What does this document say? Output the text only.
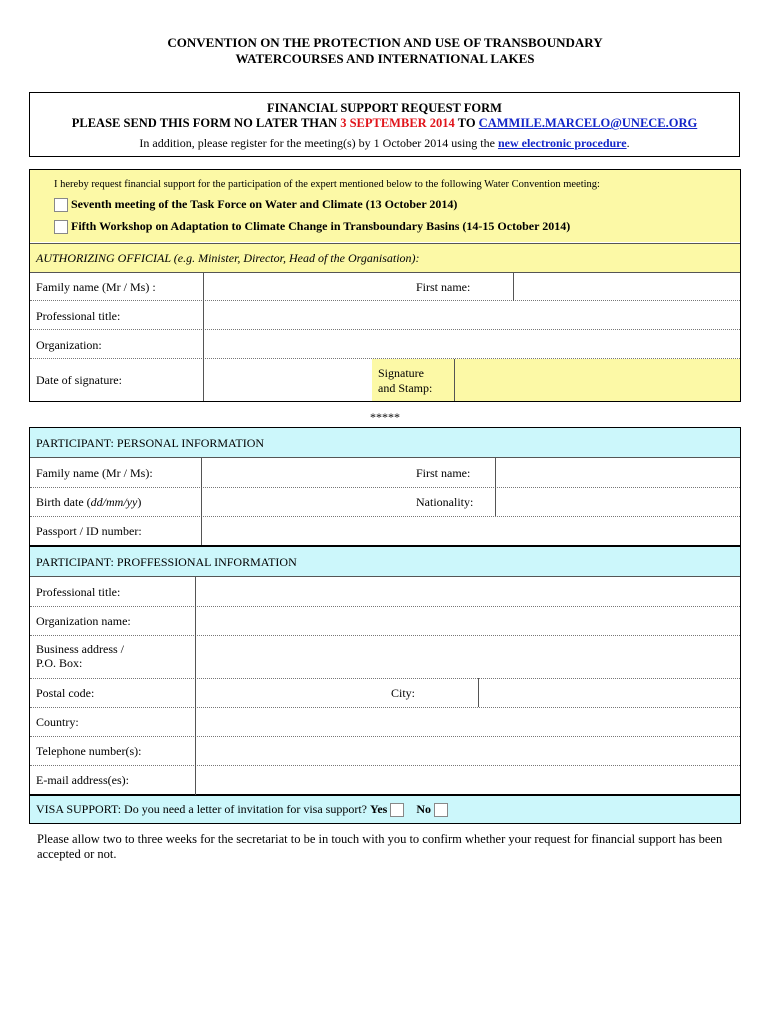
CONVENTION ON THE PROTECTION AND USE OF TRANSBOUNDARY
WATERCOURSES AND INTERNATIONAL LAKES
FINANCIAL SUPPORT REQUEST FORM
PLEASE SEND THIS FORM NO LATER THAN 3 SEPTEMBER 2014 TO CAMMILE.MARCELO@UNECE.ORG
In addition, please register for the meeting(s) by 1 October 2014 using the new electronic procedure.
I hereby request financial support for the participation of the expert mentioned below to the following Water Convention meeting:
Seventh meeting of the Task Force on Water and Climate (13 October 2014)
Fifth Workshop on Adaptation to Climate Change in Transboundary Basins (14-15 October 2014)
AUTHORIZING OFFICIAL (e.g. Minister, Director, Head of the Organisation):
Family name (Mr / Ms) :	First name:
Professional title:
Organization:
Date of signature:	Signature
and Stamp:
*****
PARTICIPANT: PERSONAL INFORMATION
Family name (Mr / Ms):	First name:
Birth date (dd/mm/yy)	Nationality:
Passport / ID number:
PARTICIPANT: PROFFESSIONAL INFORMATION
Professional title:
Organization name:
Business address /
P.O. Box:
Postal code:	City:
Country:
Telephone number(s):
E-mail address(es):
VISA SUPPORT: Do you need a letter of invitation for visa support? Yes No
Please allow two to three weeks for the secretariat to be in touch with you to confirm whether your request for financial support has been accepted or not.
